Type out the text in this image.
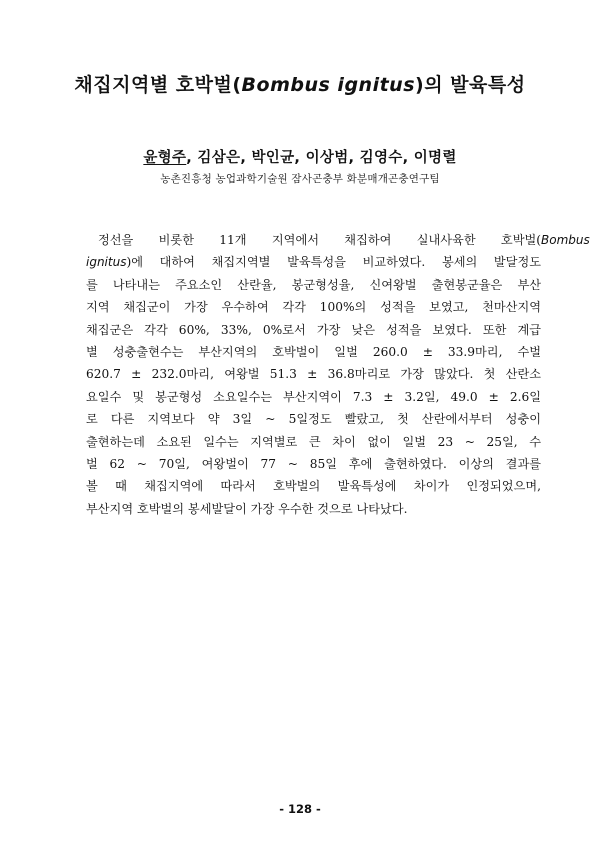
채집지역별 호박벌(Bombus ignitus)의 발육특성
윤형주, 김삼은, 박인균, 이상범, 김영수, 이명렬
농촌진흥청 농업과학기술원 잠사곤충부 화분매개곤충연구팀
정선을 비롯한 11개 지역에서 채집하여 실내사육한 호박벌( Bombus
ignitus)에 대하여 채집지역별 발육특성을 비교하였다. 봉세의 발달정도
를 나타내는 주요소인 산란율, 봉군형성율, 신여왕벌 출현봉군율은 부산
지역 채집군이 가장 우수하여 각각 100%의 성적을 보였고, 천마산지역
채집군은 각각 60%, 33%, 0%로서 가장 낮은 성적을 보였다. 또한 계급
별 성충출현수는 부산지역의 호박벌이 일벌 260.0 ± 33.9마리, 수벌
620.7 ± 232.0마리, 여왕벌 51.3 ± 36.8마리로 가장 많았다. 첫 산란소
요일수 및 봉군형성 소요일수는 부산지역이 7.3 ± 3.2일, 49.0 ± 2.6일
로 다른 지역보다 약 3일 ~ 5일정도 빨랐고, 첫 산란에서부터 성충이
출현하는데 소요된 일수는 지역별로 큰 차이 없이 일벌 23 ~ 25일, 수
벌 62 ~ 70일, 여왕벌이 77 ~ 85일 후에 출현하였다. 이상의 결과를
볼 때 채집지역에 따라서 호박벌의 발육특성에 차이가 인정되었으며,
부산지역 호박벌의 봉세발달이 가장 우수한 것으로 나타났다.
- 128 -
